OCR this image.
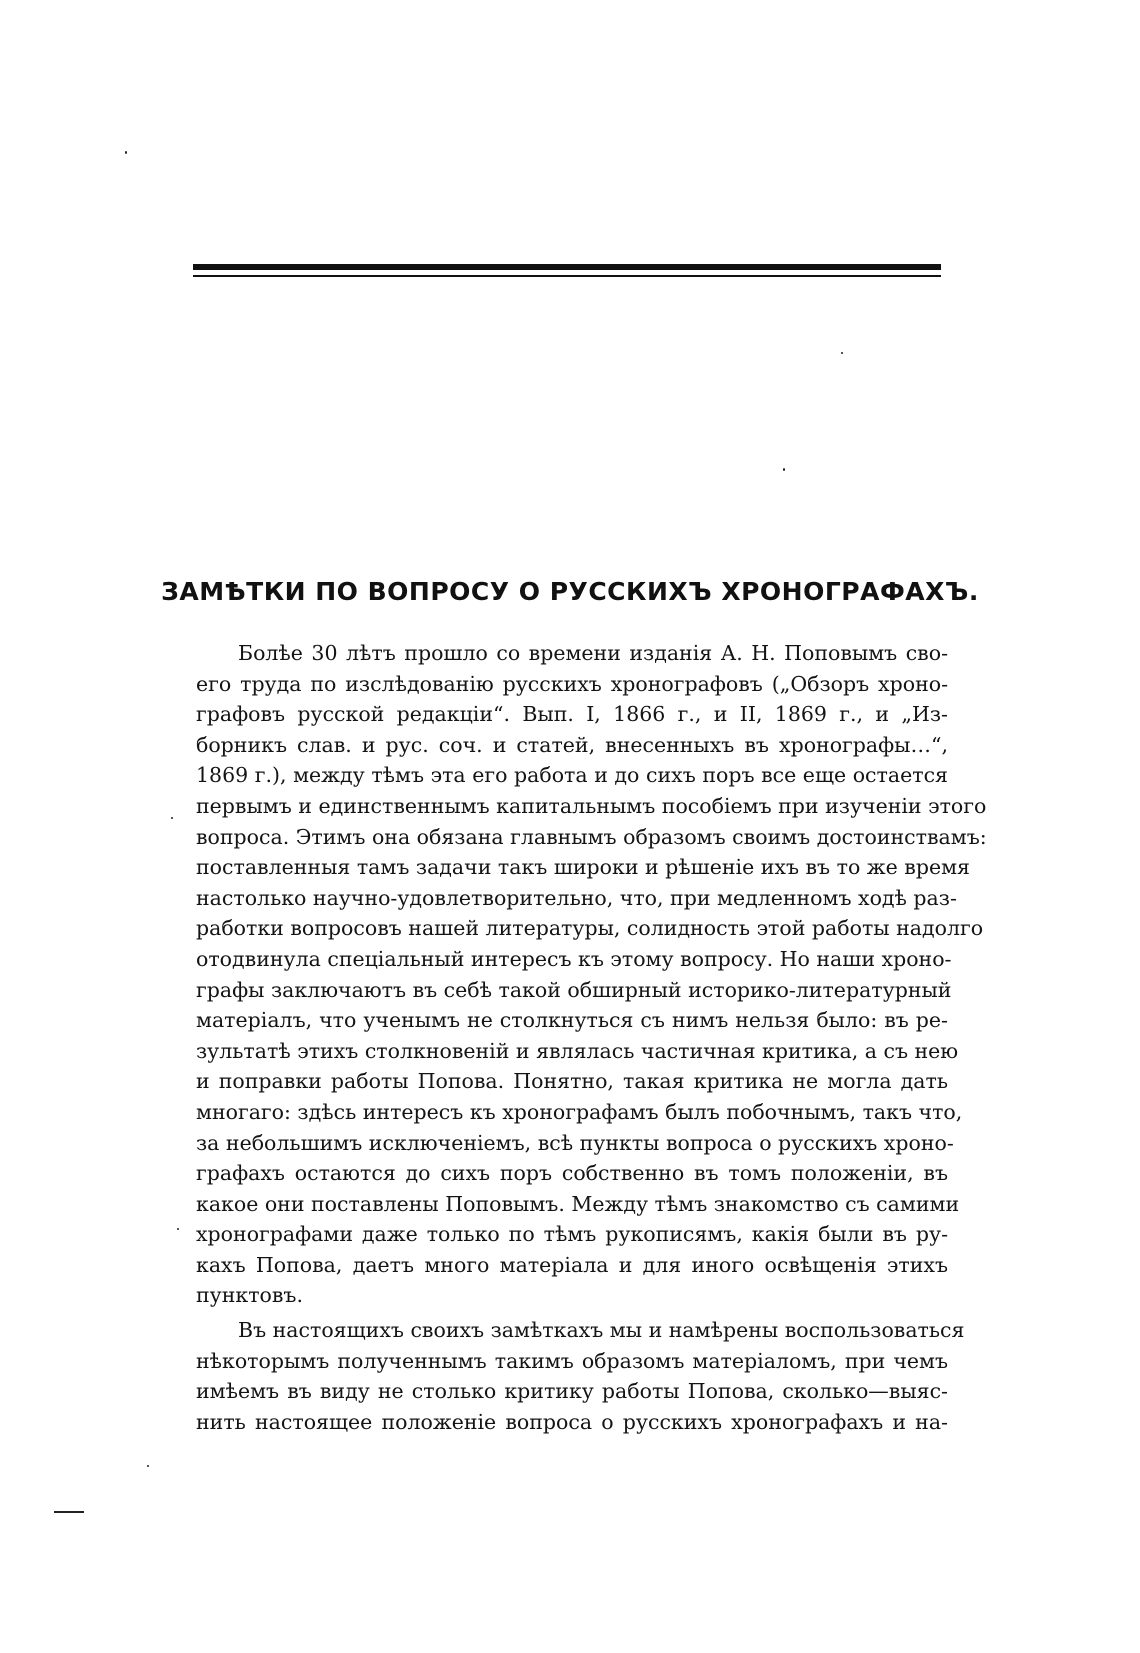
ЗАМѢТКИ ПО ВОПРОСУ О РУССКИХЪ ХРОНОГРАФАХЪ.
Болѣе 30 лѣтъ прошло со времени изданія А. Н. Поповымъ сво-
его труда по изслѣдованію русскихъ хронографовъ („Обзоръ хроно-
графовъ русской редакціи“. Вып. I, 1866 г., и II, 1869 г., и „Из-
борникъ слав. и рус. соч. и статей, внесенныхъ въ хронографы…“,
1869 г.), между тѣмъ эта его работа и до сихъ поръ все еще остается
первымъ и единственнымъ капитальнымъ пособіемъ при изученіи этого
вопроса. Этимъ она обязана главнымъ образомъ своимъ достоинствамъ:
поставленныя тамъ задачи такъ широки и рѣшеніе ихъ въ то же время
настолько научно-удовлетворительно, что, при медленномъ ходѣ раз-
работки вопросовъ нашей литературы, солидность этой работы надолго
отодвинула спеціальный интересъ къ этому вопросу. Но наши хроно-
графы заключаютъ въ себѣ такой обширный историко-литературный
матеріалъ, что ученымъ не столкнуться съ нимъ нельзя было: въ ре-
зультатѣ этихъ столкновеній и являлась частичная критика, а съ нею
и поправки работы Попова. Понятно, такая критика не могла дать
многаго: здѣсь интересъ къ хронографамъ былъ побочнымъ, такъ что,
за небольшимъ исключеніемъ, всѣ пункты вопроса о русскихъ хроно-
графахъ остаются до сихъ поръ собственно въ томъ положеніи, въ
какое они поставлены Поповымъ. Между тѣмъ знакомство съ самими
хронографами даже только по тѣмъ рукописямъ, какія были въ ру-
кахъ Попова, даетъ много матеріала и для иного освѣщенія этихъ
пунктовъ.
Въ настоящихъ своихъ замѣткахъ мы и намѣрены воспользоваться
нѣкоторымъ полученнымъ такимъ образомъ матеріаломъ, при чемъ
имѣемъ въ виду не столько критику работы Попова, сколько—выяс-
нить настоящее положеніе вопроса о русскихъ хронографахъ и на-
